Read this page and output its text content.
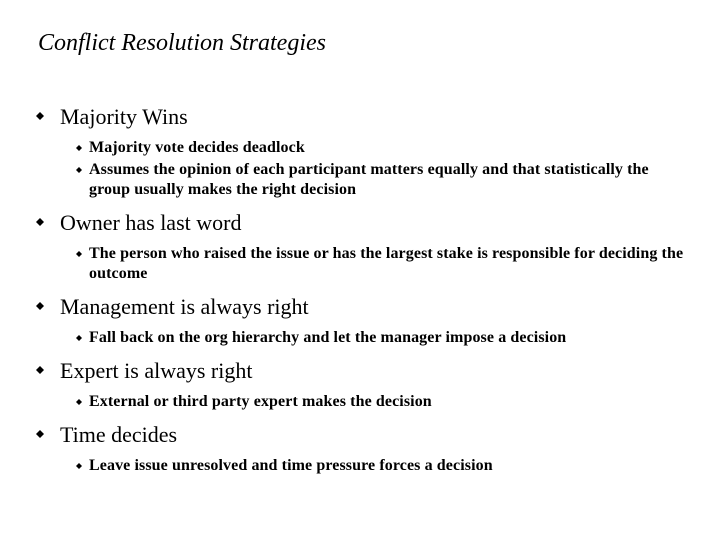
Conflict Resolution Strategies
Majority Wins
Majority vote decides deadlock
Assumes the opinion of each participant matters equally and that statistically the group usually makes the right decision
Owner has last word
The person who raised the issue or has the largest stake is responsible for deciding the outcome
Management is always right
Fall back on the org hierarchy and let the manager impose a decision
Expert is always right
External or third party expert makes the decision
Time decides
Leave issue unresolved and time pressure forces a decision
